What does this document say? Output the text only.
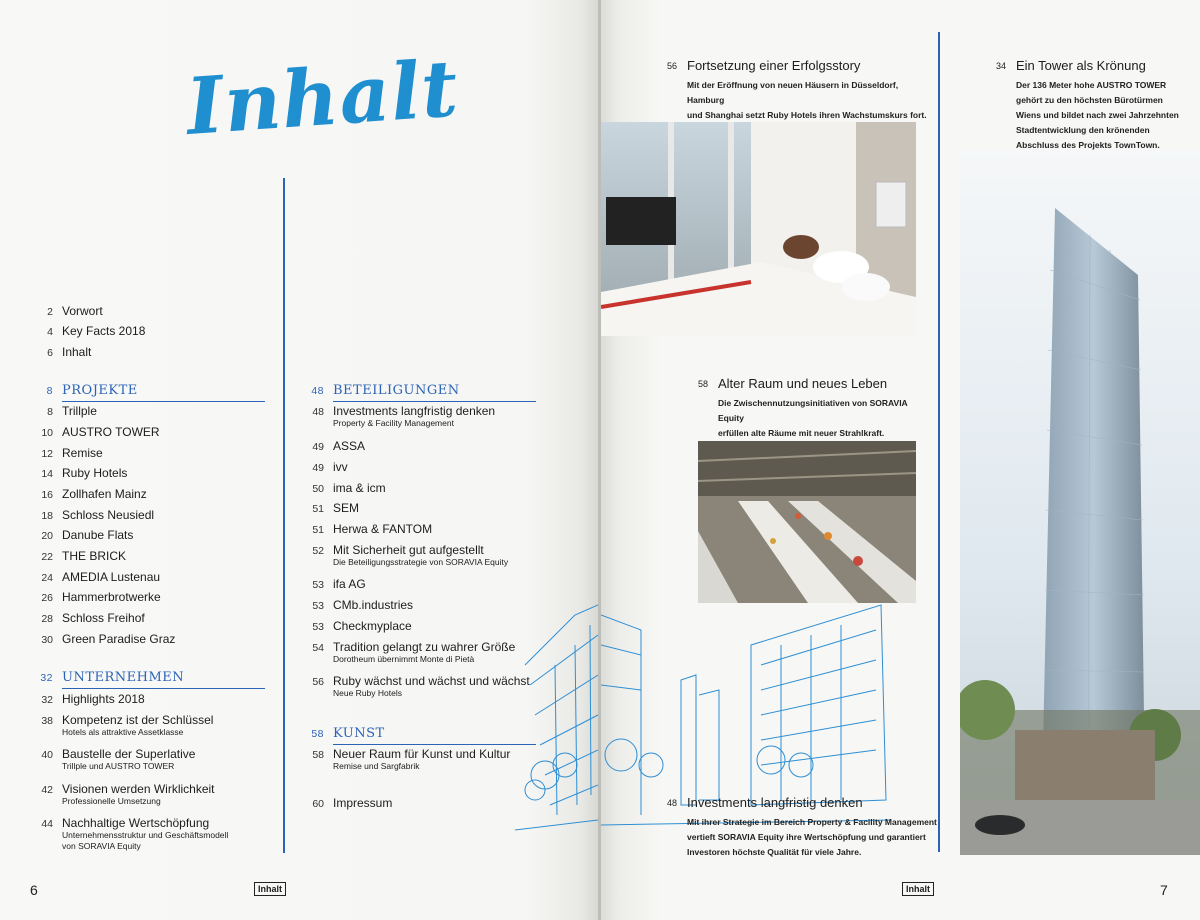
Inhalt
2 Vorwort
4 Key Facts 2018
6 Inhalt
8 PROJEKTE
8 Trillple
10 AUSTRO TOWER
12 Remise
14 Ruby Hotels
16 Zollhafen Mainz
18 Schloss Neusiedl
20 Danube Flats
22 THE BRICK
24 AMEDIA Lustenau
26 Hammerbrotwerke
28 Schloss Freihof
30 Green Paradise Graz
32 UNTERNEHMEN
32 Highlights 2018
38 Kompetenz ist der Schlüssel
Hotels als attraktive Assetklasse
40 Baustelle der Superlative
Trillple und AUSTRO TOWER
42 Visionen werden Wirklichkeit
Professionelle Umsetzung
44 Nachhaltige Wertschöpfung
Unternehmensstruktur und Geschäftsmodell
von SORAVIA Equity
48 BETEILIGUNGEN
48 Investments langfristig denken
Property & Facility Management
49 ASSA
49 ivv
50 ima & icm
51 SEM
51 Herwa & FANTOM
52 Mit Sicherheit gut aufgestellt
Die Beteiligungsstrategie von SORAVIA Equity
53 ifa AG
53 CMb.industries
53 Checkmyplace
54 Tradition gelangt zu wahrer Größe
Dorotheum übernimmt Monte di Pietà
56 Ruby wächst und wächst und wächst
Neue Ruby Hotels
58 KUNST
58 Neuer Raum für Kunst und Kultur
Remise und Sargfabrik
60 Impressum
6	Inhalt
56 Fortsetzung einer Erfolgsstory
Mit der Eröffnung von neuen Häusern in Düsseldorf, Hamburg
und Shanghai setzt Ruby Hotels ihren Wachstumskurs fort.
58 Alter Raum und neues Leben
Die Zwischennutzungsinitiativen von SORAVIA Equity
erfüllen alte Räume mit neuer Strahlkraft.
48 Investments langfristig denken
Mit ihrer Strategie im Bereich Property & Facility Management
vertieft SORAVIA Equity ihre Wertschöpfung und garantiert
Investoren höchste Qualität für viele Jahre.
34 Ein Tower als Krönung
Der 136 Meter hohe AUSTRO TOWER
gehört zu den höchsten Bürotürmen
Wiens und bildet nach zwei Jahrzehnten
Stadtentwicklung den krönenden
Abschluss des Projekts TownTown.
Inhalt	7
